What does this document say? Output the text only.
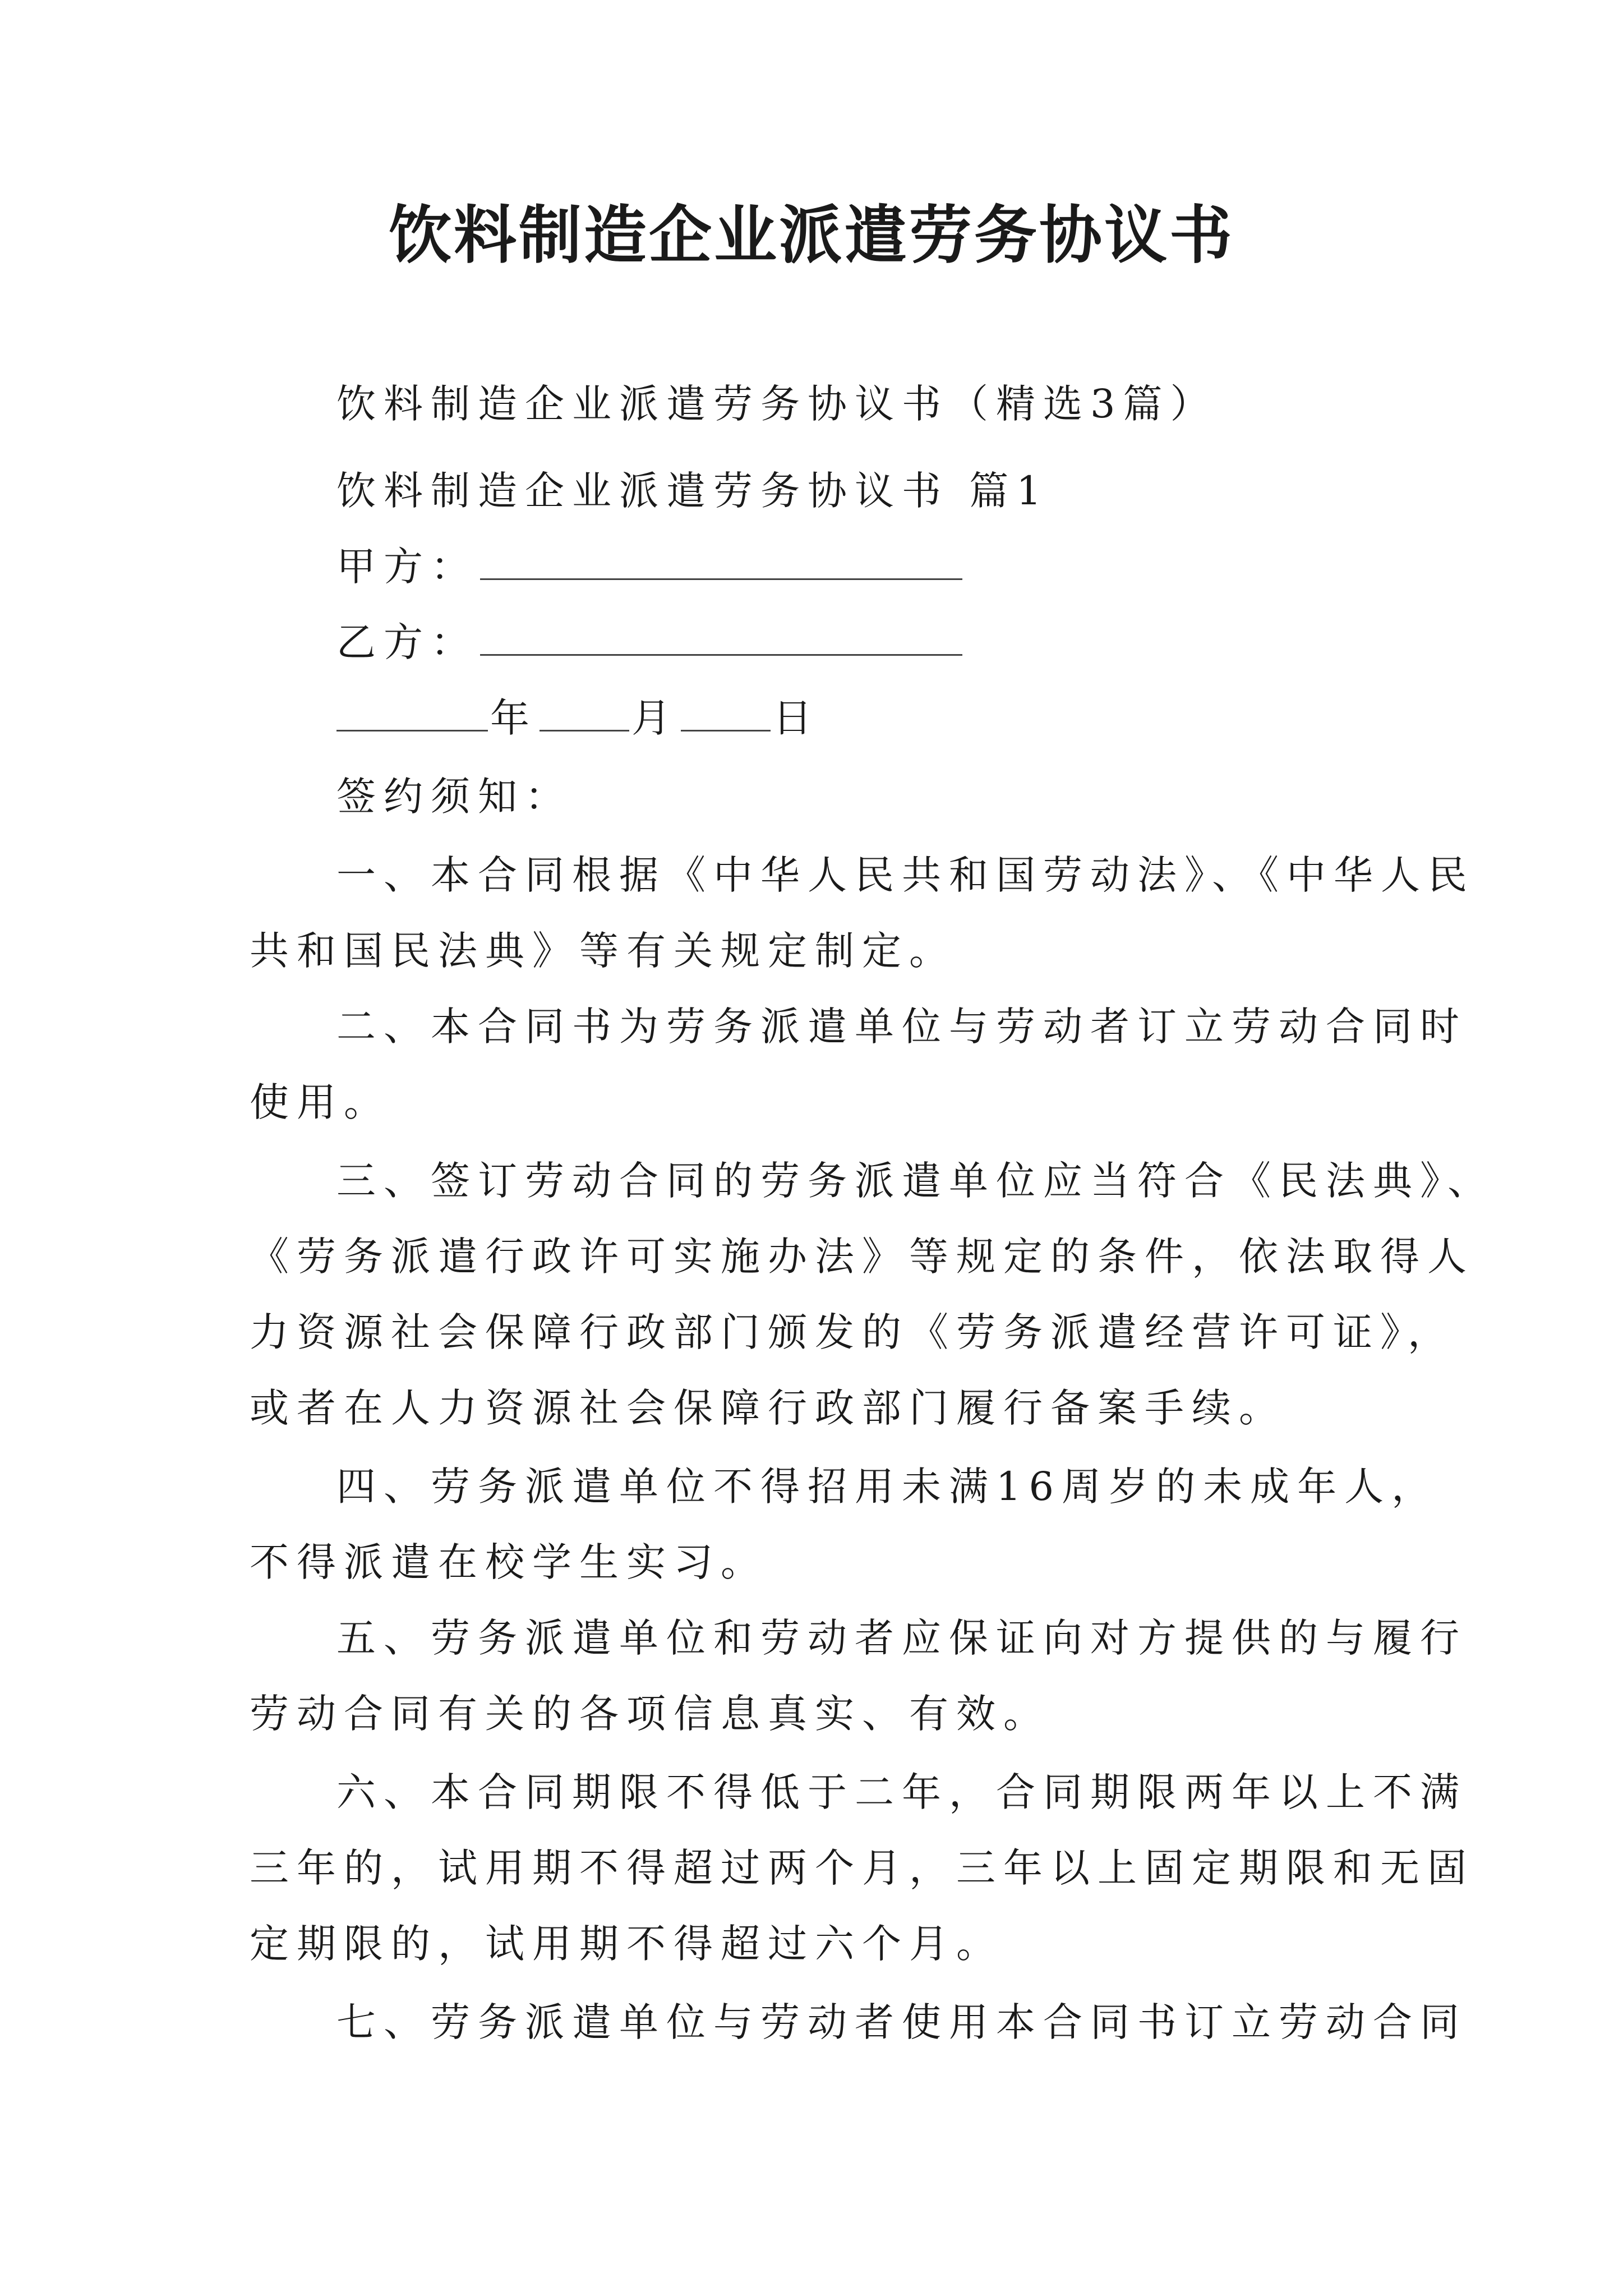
饮料制造企业派遣劳务协议书
饮料制造企业派遣劳务协议书（精选3篇）
饮料制造企业派遣劳务协议书 篇1
甲方：
乙方：
年 月 日
签约须知：
一、本合同根据《中华人民共和国劳动法》、《中华人民
共和国民法典》等有关规定制定。
二、本合同书为劳务派遣单位与劳动者订立劳动合同时
使用。
三、签订劳动合同的劳务派遣单位应当符合《民法典》、
《劳务派遣行政许可实施办法》等规定的条件，依法取得人
力资源社会保障行政部门颁发的《劳务派遣经营许可证》，
或者在人力资源社会保障行政部门履行备案手续。
四、劳务派遣单位不得招用未满16周岁的未成年人，
不得派遣在校学生实习。
五、劳务派遣单位和劳动者应保证向对方提供的与履行
劳动合同有关的各项信息真实、有效。
六、本合同期限不得低于二年，合同期限两年以上不满
三年的，试用期不得超过两个月，三年以上固定期限和无固
定期限的，试用期不得超过六个月。
七、劳务派遣单位与劳动者使用本合同书订立劳动合同
